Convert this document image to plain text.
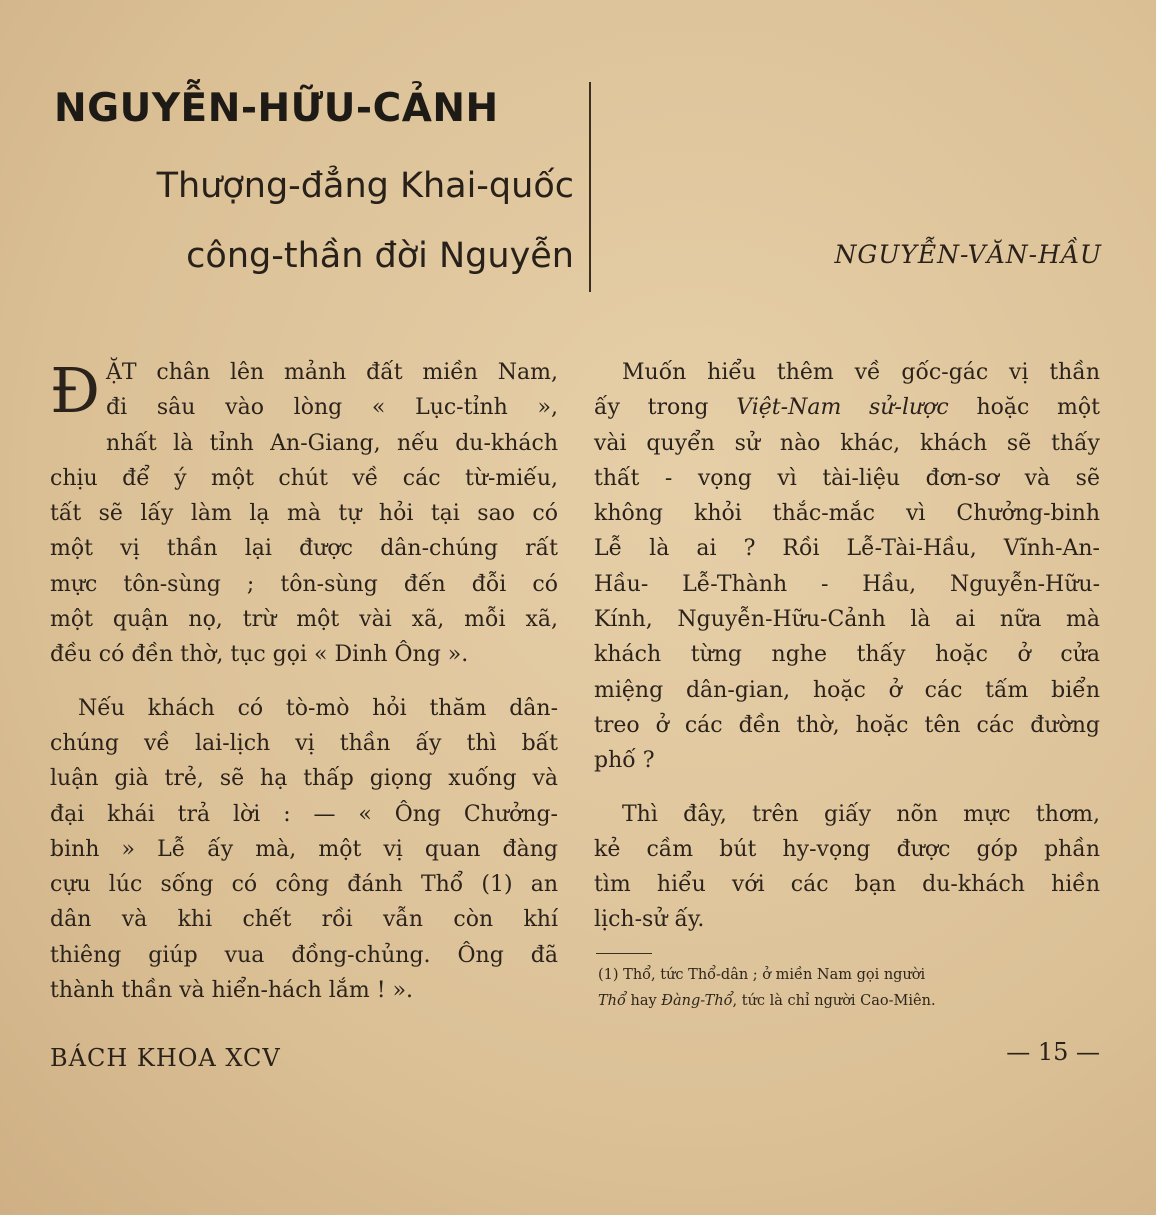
NGUYỄN-HỮU-CẢNH
Thượng-đẳng Khai-quốc
công-thần đời Nguyễn	NGUYỄN-VĂN-HẦU
Đ ẶT chân lên mảnh đất miền Nam,
đi sâu vào lòng « Lục-tỉnh »,
nhất là tỉnh An-Giang, nếu du-khách
chịu để ý một chút về các từ-miếu,
tất sẽ lấy làm lạ mà tự hỏi tại sao có
một vị thần lại được dân-chúng rất
mực tôn-sùng ; tôn-sùng đến đỗi có
một quận nọ, trừ một vài xã, mỗi xã,
đều có đền thờ, tục gọi « Dinh Ông ».
Nếu khách có tò-mò hỏi thăm dân-
chúng về lai-lịch vị thần ấy thì bất
luận già trẻ, sẽ hạ thấp giọng xuống và
đại khái trả lời : — « Ông Chưởng-
binh » Lễ ấy mà, một vị quan đàng
cựu lúc sống có công đánh Thổ (1) an
dân và khi chết rồi vẫn còn khí
thiêng giúp vua đồng-chủng. Ông đã
thành thần và hiển-hách lắm ! ».
Muốn hiểu thêm về gốc-gác vị thần
ấy trong Việt-Nam sử-lược hoặc một
vài quyển sử nào khác, khách sẽ thấy
thất - vọng vì tài-liệu đơn-sơ và sẽ
không khỏi thắc-mắc vì Chưởng-binh
Lễ là ai ? Rồi Lễ-Tài-Hầu, Vĩnh-An-
Hầu- Lễ-Thành - Hầu, Nguyễn-Hữu-
Kính, Nguyễn-Hữu-Cảnh là ai nữa mà
khách từng nghe thấy hoặc ở cửa
miệng dân-gian, hoặc ở các tấm biển
treo ở các đền thờ, hoặc tên các đường
phố ?
Thì đây, trên giấy nõn mực thơm,
kẻ cầm bút hy-vọng được góp phần
tìm hiểu với các bạn du-khách hiền
lịch-sử ấy.
(1) Thổ, tức Thổ-dân ; ở miền Nam gọi người
Thổ hay Đàng-Thổ, tức là chỉ người Cao-Miên.
BÁCH KHOA XCV	— 15 —
